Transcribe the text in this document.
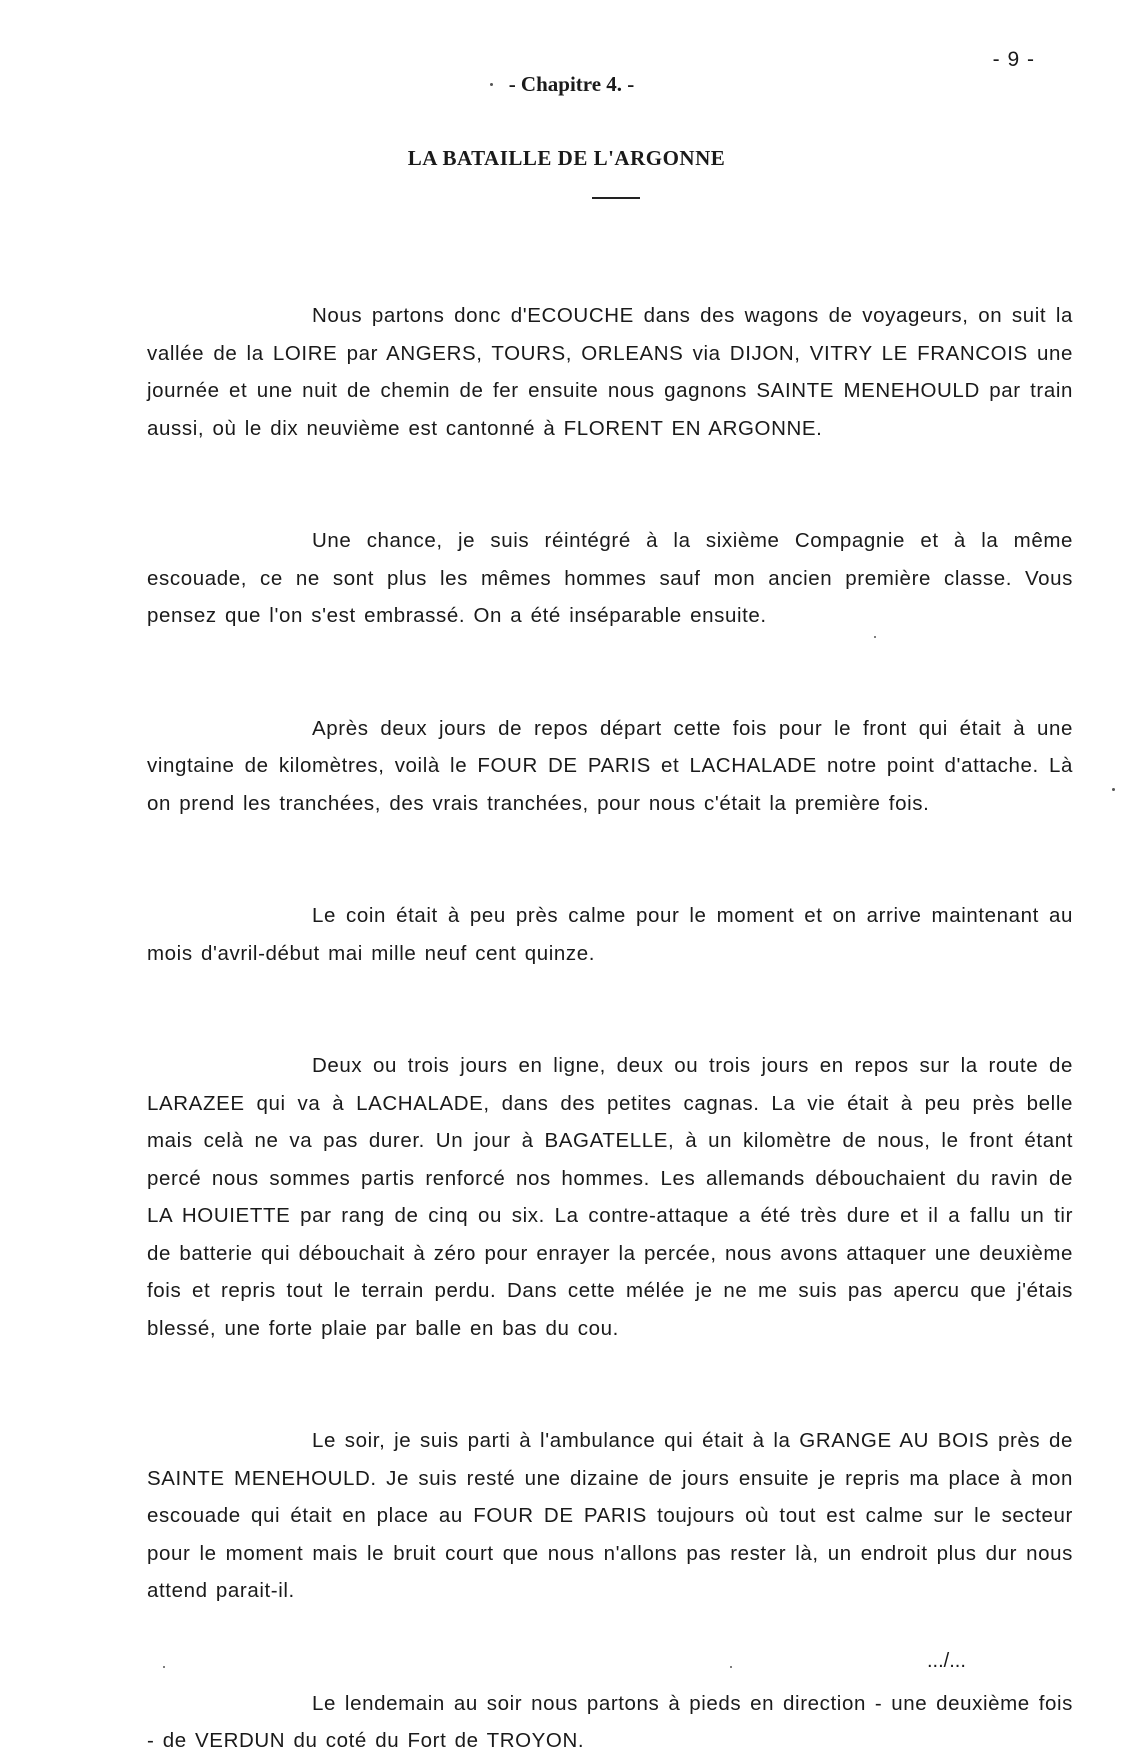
- 9 -
- Chapitre 4. -
LA BATAILLE DE L'ARGONNE

Nous partons donc d'ECOUCHE dans des wagons de voyageurs, on suit la vallée de la LOIRE par ANGERS, TOURS, ORLEANS via DIJON, VITRY LE FRANCOIS une journée et une nuit de chemin de fer ensuite nous gagnons SAINTE MENEHOULD par train aussi, où le dix neuvième est cantonné à FLORENT EN ARGONNE.

Une chance, je suis réintégré à la sixième Compagnie et à la même escouade, ce ne sont plus les mêmes hommes sauf mon ancien première classe. Vous pensez que l'on s'est embrassé. On a été inséparable ensuite.

Après deux jours de repos départ cette fois pour le front qui était à une vingtaine de kilomètres, voilà le FOUR DE PARIS et LACHALADE notre point d'attache. Là on prend les tranchées, des vrais tranchées, pour nous c'était la première fois.

Le coin était à peu près calme pour le moment et on arrive maintenant au mois d'avril-début mai mille neuf cent quinze.

Deux ou trois jours en ligne, deux ou trois jours en repos sur la route de LARAZEE qui va à LACHALADE, dans des petites cagnas. La vie était à peu près belle mais celà ne va pas durer. Un jour à BAGATELLE, à un kilomètre de nous, le front étant percé nous sommes partis renforcé nos hommes. Les allemands débouchaient du ravin de LA HOUIETTE par rang de cinq ou six. La contre-attaque a été très dure et il a fallu un tir de batterie qui débouchait à zéro pour enrayer la percée, nous avons attaquer une deuxième fois et repris tout le terrain perdu. Dans cette mélée je ne me suis pas apercu que j'étais blessé, une forte plaie par balle en bas du cou.

Le soir, je suis parti à l'ambulance qui était à la GRANGE AU BOIS près de SAINTE MENEHOULD. Je suis resté une dizaine de jours ensuite je repris ma place à mon escouade qui était en place au FOUR DE PARIS toujours où tout est calme sur le secteur pour le moment mais le bruit court que nous n'allons pas rester là, un endroit plus dur nous attend parait-il.

Le lendemain au soir nous partons à pieds en direction - une deuxième fois - de VERDUN du coté du Fort de TROYON.

.../...
